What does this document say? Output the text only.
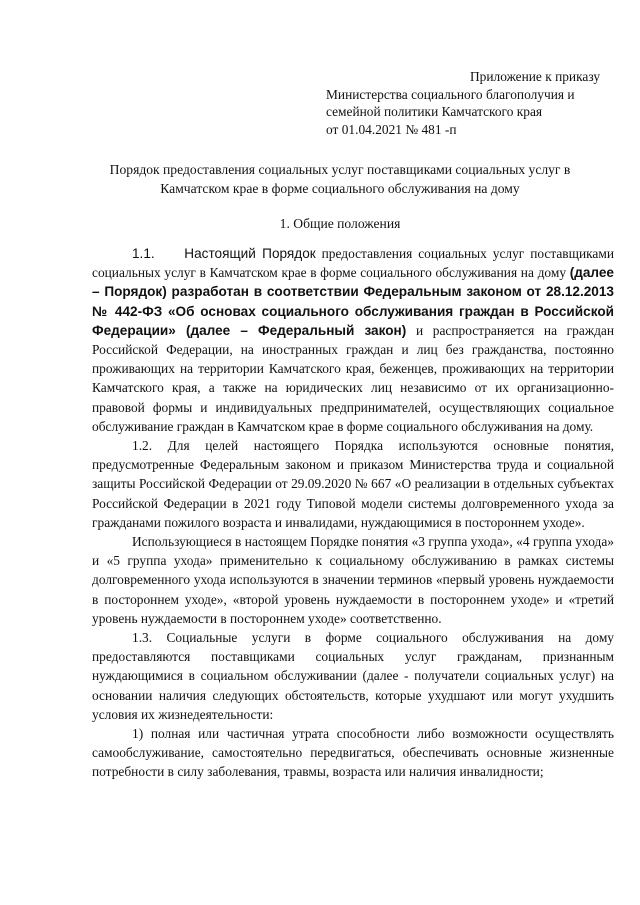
Приложение к приказу
Министерства социального благополучия и
семейной политики Камчатского края
от 01.04.2021 № 481 -п
Порядок предоставления социальных услуг поставщиками социальных услуг в
Камчатском крае в форме социального обслуживания на дому
1. Общие положения

1.1. Настоящий Порядок предоставления социальных услуг поставщиками социальных услуг в Камчатском крае в форме социального обслуживания на дому (далее – Порядок) разработан в соответствии Федеральным законом от 28.12.2013 № 442-ФЗ «Об основах социального обслуживания граждан в Российской Федерации» (далее – Федеральный закон) и распространяется на граждан Российской Федерации, на иностранных граждан и лиц без гражданства, постоянно проживающих на территории Камчатского края, беженцев, проживающих на территории Камчатского края, а также на юридических лиц независимо от их организационно-правовой формы и индивидуальных предпринимателей, осуществляющих социальное обслуживание граждан в Камчатском крае в форме социального обслуживания на дому.

1.2. Для целей настоящего Порядка используются основные понятия, предусмотренные Федеральным законом и приказом Министерства труда и социальной защиты Российской Федерации от 29.09.2020 № 667 «О реализации в отдельных субъектах Российской Федерации в 2021 году Типовой модели системы долговременного ухода за гражданами пожилого возраста и инвалидами, нуждающимися в постороннем уходе».

Использующиеся в настоящем Порядке понятия «3 группа ухода», «4 группа ухода» и «5 группа ухода» применительно к социальному обслуживанию в рамках системы долговременного ухода используются в значении терминов «первый уровень нуждаемости в постороннем уходе», «второй уровень нуждаемости в постороннем уходе» и «третий уровень нуждаемости в постороннем уходе» соответственно.

1.3. Социальные услуги в форме социального обслуживания на дому предоставляются поставщиками социальных услуг гражданам, признанным нуждающимися в социальном обслуживании (далее - получатели социальных услуг) на основании наличия следующих обстоятельств, которые ухудшают или могут ухудшить условия их жизнедеятельности:

1) полная или частичная утрата способности либо возможности осуществлять самообслуживание, самостоятельно передвигаться, обеспечивать основные жизненные потребности в силу заболевания, травмы, возраста или наличия инвалидности;
